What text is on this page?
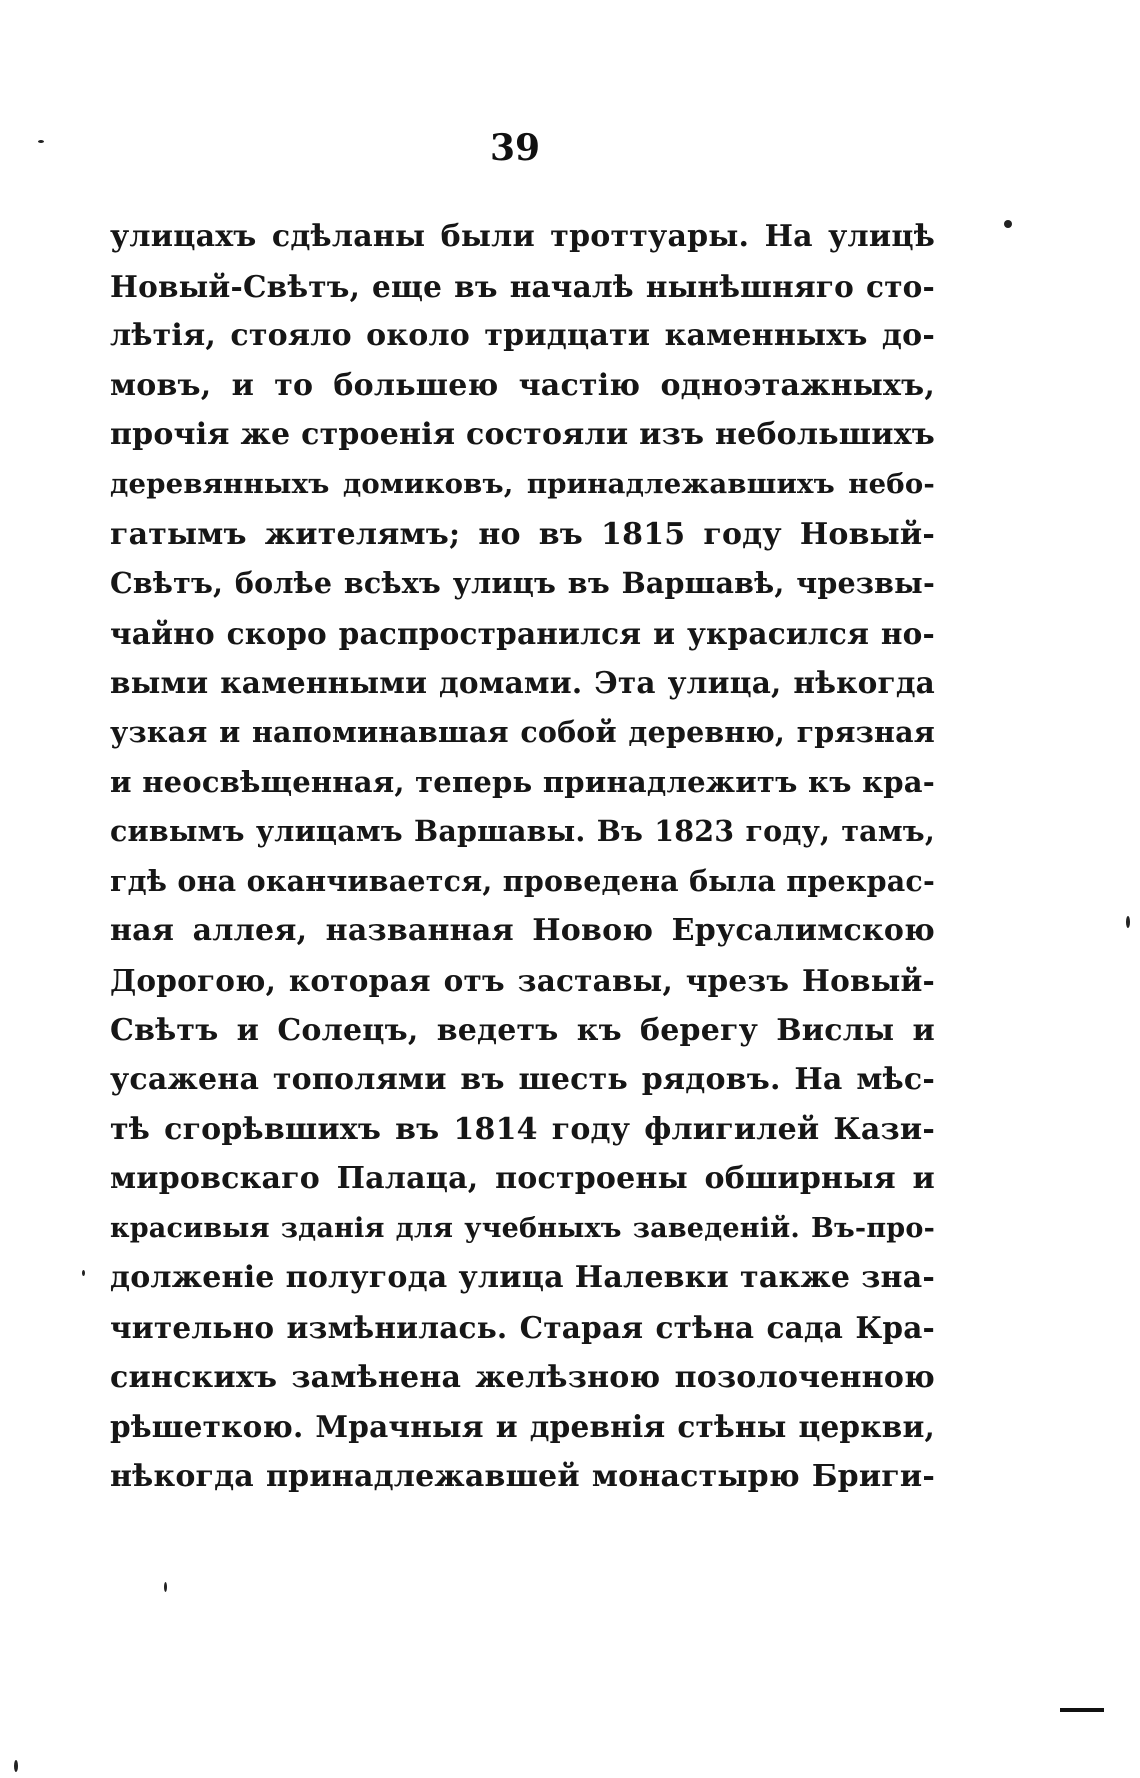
39
улицахъ сдѣланы были троттуары. На улицѣ
Новый-Свѣтъ, еще въ началѣ нынѣшняго сто-
лѣтія, стояло около тридцати каменныхъ до-
мовъ, и то большею частію одноэтажныхъ,
прочія же строенія состояли изъ небольшихъ
деревянныхъ домиковъ, принадлежавшихъ небо-
гатымъ жителямъ; но въ 1815 году Новый-
Свѣтъ, болѣе всѣхъ улицъ въ Варшавѣ, чрезвы-
чайно скоро распространился и украсился но-
выми каменными домами. Эта улица, нѣкогда
узкая и напоминавшая собой деревню, грязная
и неосвѣщенная, теперь принадлежитъ къ кра-
сивымъ улицамъ Варшавы. Въ 1823 году, тамъ,
гдѣ она оканчивается, проведена была прекрас-
ная аллея, названная Новою Ерусалимскою
Дорогою, которая отъ заставы, чрезъ Новый-
Свѣтъ и Солецъ, ведетъ къ берегу Вислы и
усажена тополями въ шесть рядовъ. На мѣс-
тѣ сгорѣвшихъ въ 1814 году флигилей Кази-
мировскаго Палаца, построены обширныя и
красивыя зданія для учебныхъ заведеній. Въ-про-
долженіе полугода улица Налевки также зна-
чительно измѣнилась. Старая стѣна сада Кра-
синскихъ замѣнена желѣзною позолоченною
рѣшеткою. Мрачныя и древнія стѣны церкви,
нѣкогда принадлежавшей монастырю Бриги-
